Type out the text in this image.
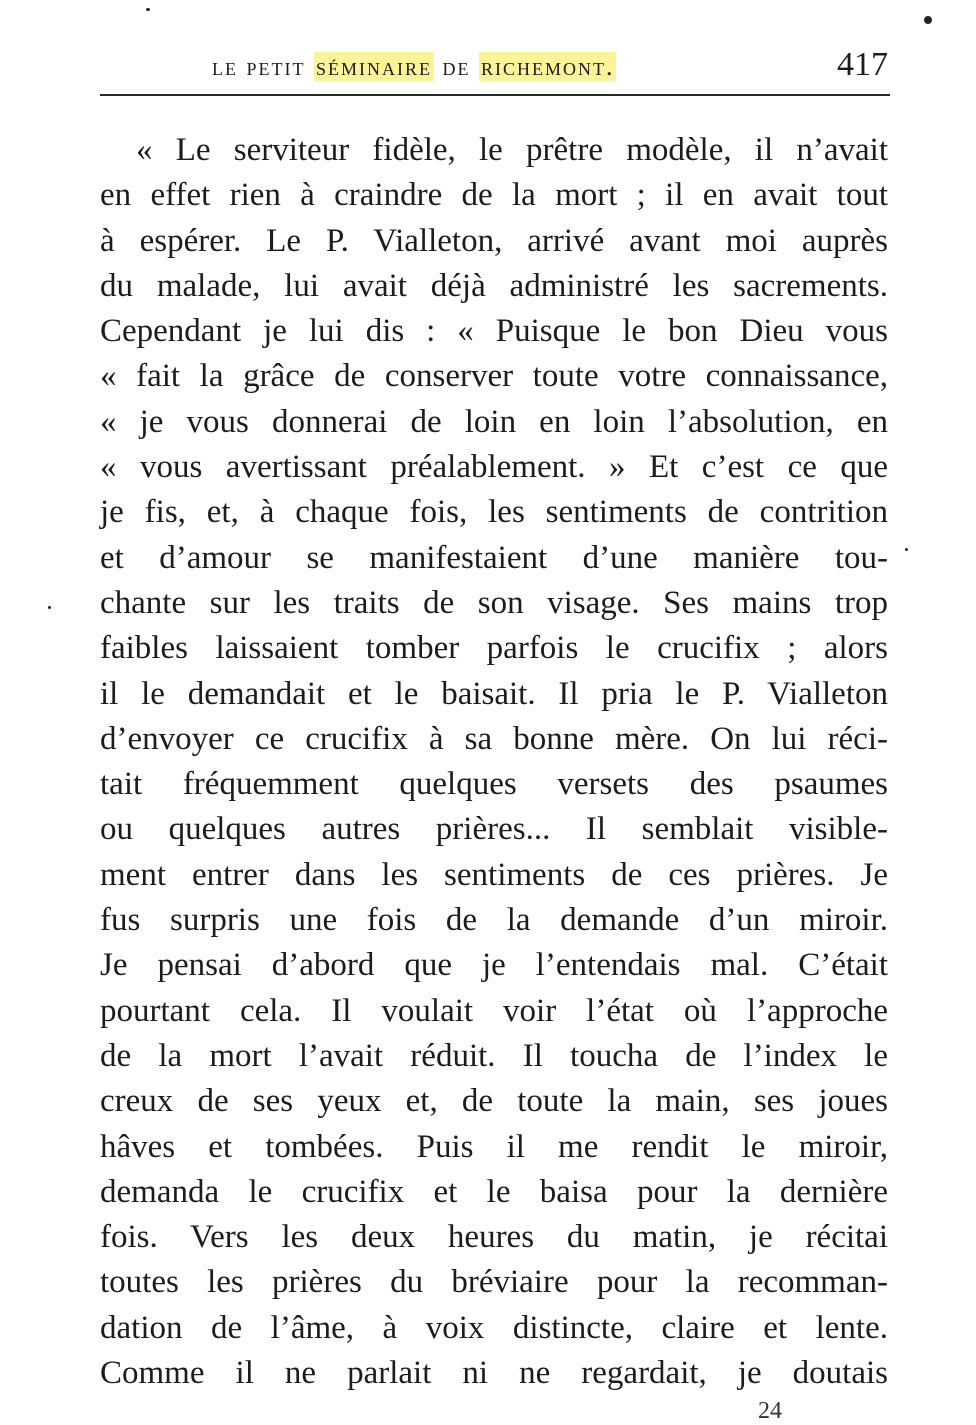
le petit séminaire de richemont.	417
« Le serviteur fidèle, le prêtre modèle, il n’avait
en effet rien à craindre de la mort ; il en avait tout
à espérer. Le P. Vialleton, arrivé avant moi auprès
du malade, lui avait déjà administré les sacrements.
Cependant je lui dis : « Puisque le bon Dieu vous
« fait la grâce de conserver toute votre connaissance,
« je vous donnerai de loin en loin l’absolution, en
« vous avertissant préalablement. » Et c’est ce que
je fis, et, à chaque fois, les sentiments de contrition
et d’amour se manifestaient d’une manière tou-
chante sur les traits de son visage. Ses mains trop
faibles laissaient tomber parfois le crucifix ; alors
il le demandait et le baisait. Il pria le P. Vialleton
d’envoyer ce crucifix à sa bonne mère. On lui réci-
tait fréquemment quelques versets des psaumes
ou quelques autres prières... Il semblait visible-
ment entrer dans les sentiments de ces prières. Je
fus surpris une fois de la demande d’un miroir.
Je pensai d’abord que je l’entendais mal. C’était
pourtant cela. Il voulait voir l’état où l’approche
de la mort l’avait réduit. Il toucha de l’index le
creux de ses yeux et, de toute la main, ses joues
hâves et tombées. Puis il me rendit le miroir,
demanda le crucifix et le baisa pour la dernière
fois. Vers les deux heures du matin, je récitai
toutes les prières du bréviaire pour la recomman-
dation de l’âme, à voix distincte, claire et lente.
Comme il ne parlait ni ne regardait, je doutais
24
